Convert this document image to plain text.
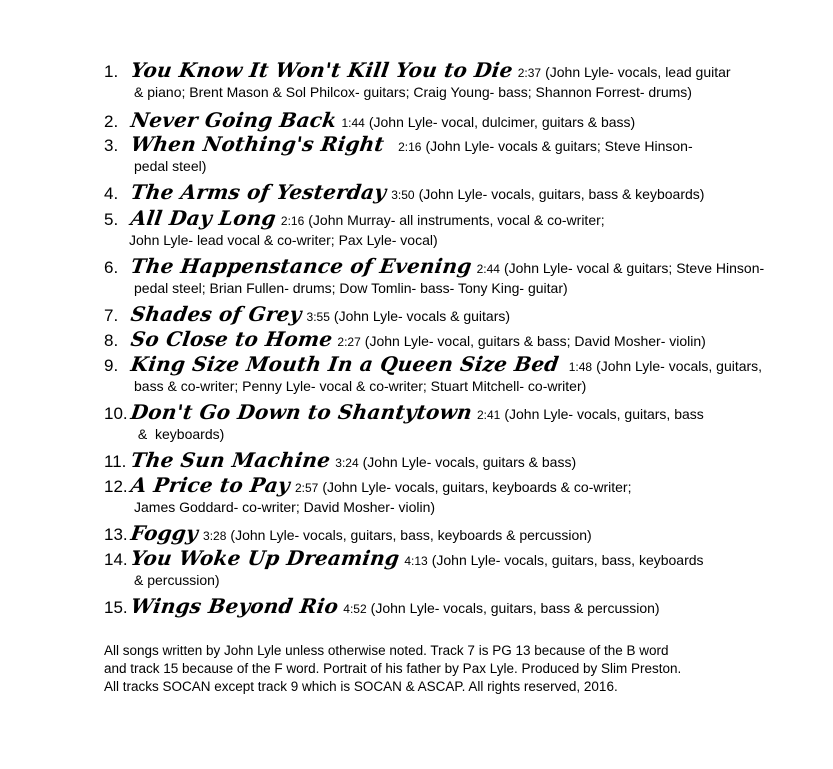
1. You Know It Won't Kill You to Die 2:37 (John Lyle- vocals, lead guitar
& piano; Brent Mason & Sol Philcox- guitars; Craig Young- bass; Shannon Forrest- drums)
2. Never Going Back 1:44 (John Lyle- vocal, dulcimer, guitars & bass)
3. When Nothing's Right 2:16 (John Lyle- vocals & guitars; Steve Hinson-
pedal steel)
4. The Arms of Yesterday 3:50 (John Lyle- vocals, guitars, bass & keyboards)
5. All Day Long 2:16 (John Murray- all instruments, vocal & co-writer;
John Lyle- lead vocal & co-writer; Pax Lyle- vocal)
6. The Happenstance of Evening 2:44 (John Lyle- vocal & guitars; Steve Hinson-
pedal steel; Brian Fullen- drums; Dow Tomlin- bass- Tony King- guitar)
7. Shades of Grey 3:55 (John Lyle- vocals & guitars)
8. So Close to Home 2:27 (John Lyle- vocal, guitars & bass; David Mosher- violin)
9. King Size Mouth In a Queen Size Bed 1:48 (John Lyle- vocals, guitars,
bass & co-writer; Penny Lyle- vocal & co-writer; Stuart Mitchell- co-writer)
10.Don't Go Down to Shantytown 2:41 (John Lyle- vocals, guitars, bass
&  keyboards)
11. The Sun Machine 3:24 (John Lyle- vocals, guitars & bass)
12.A Price to Pay 2:57 (John Lyle- vocals, guitars, keyboards & co-writer;
James Goddard- co-writer; David Mosher- violin)
13.Foggy 3:28 (John Lyle- vocals, guitars, bass, keyboards & percussion)
14.You Woke Up Dreaming 4:13 (John Lyle- vocals, guitars, bass, keyboards
& percussion)
15.Wings Beyond Rio 4:52 (John Lyle- vocals, guitars, bass & percussion)

All songs written by John Lyle unless otherwise noted. Track 7 is PG 13 because of the B word

and track 15 because of the F word. Portrait of his father by Pax Lyle. Produced by Slim Preston.

All tracks SOCAN except track 9 which is SOCAN & ASCAP. All rights reserved, 2016.
